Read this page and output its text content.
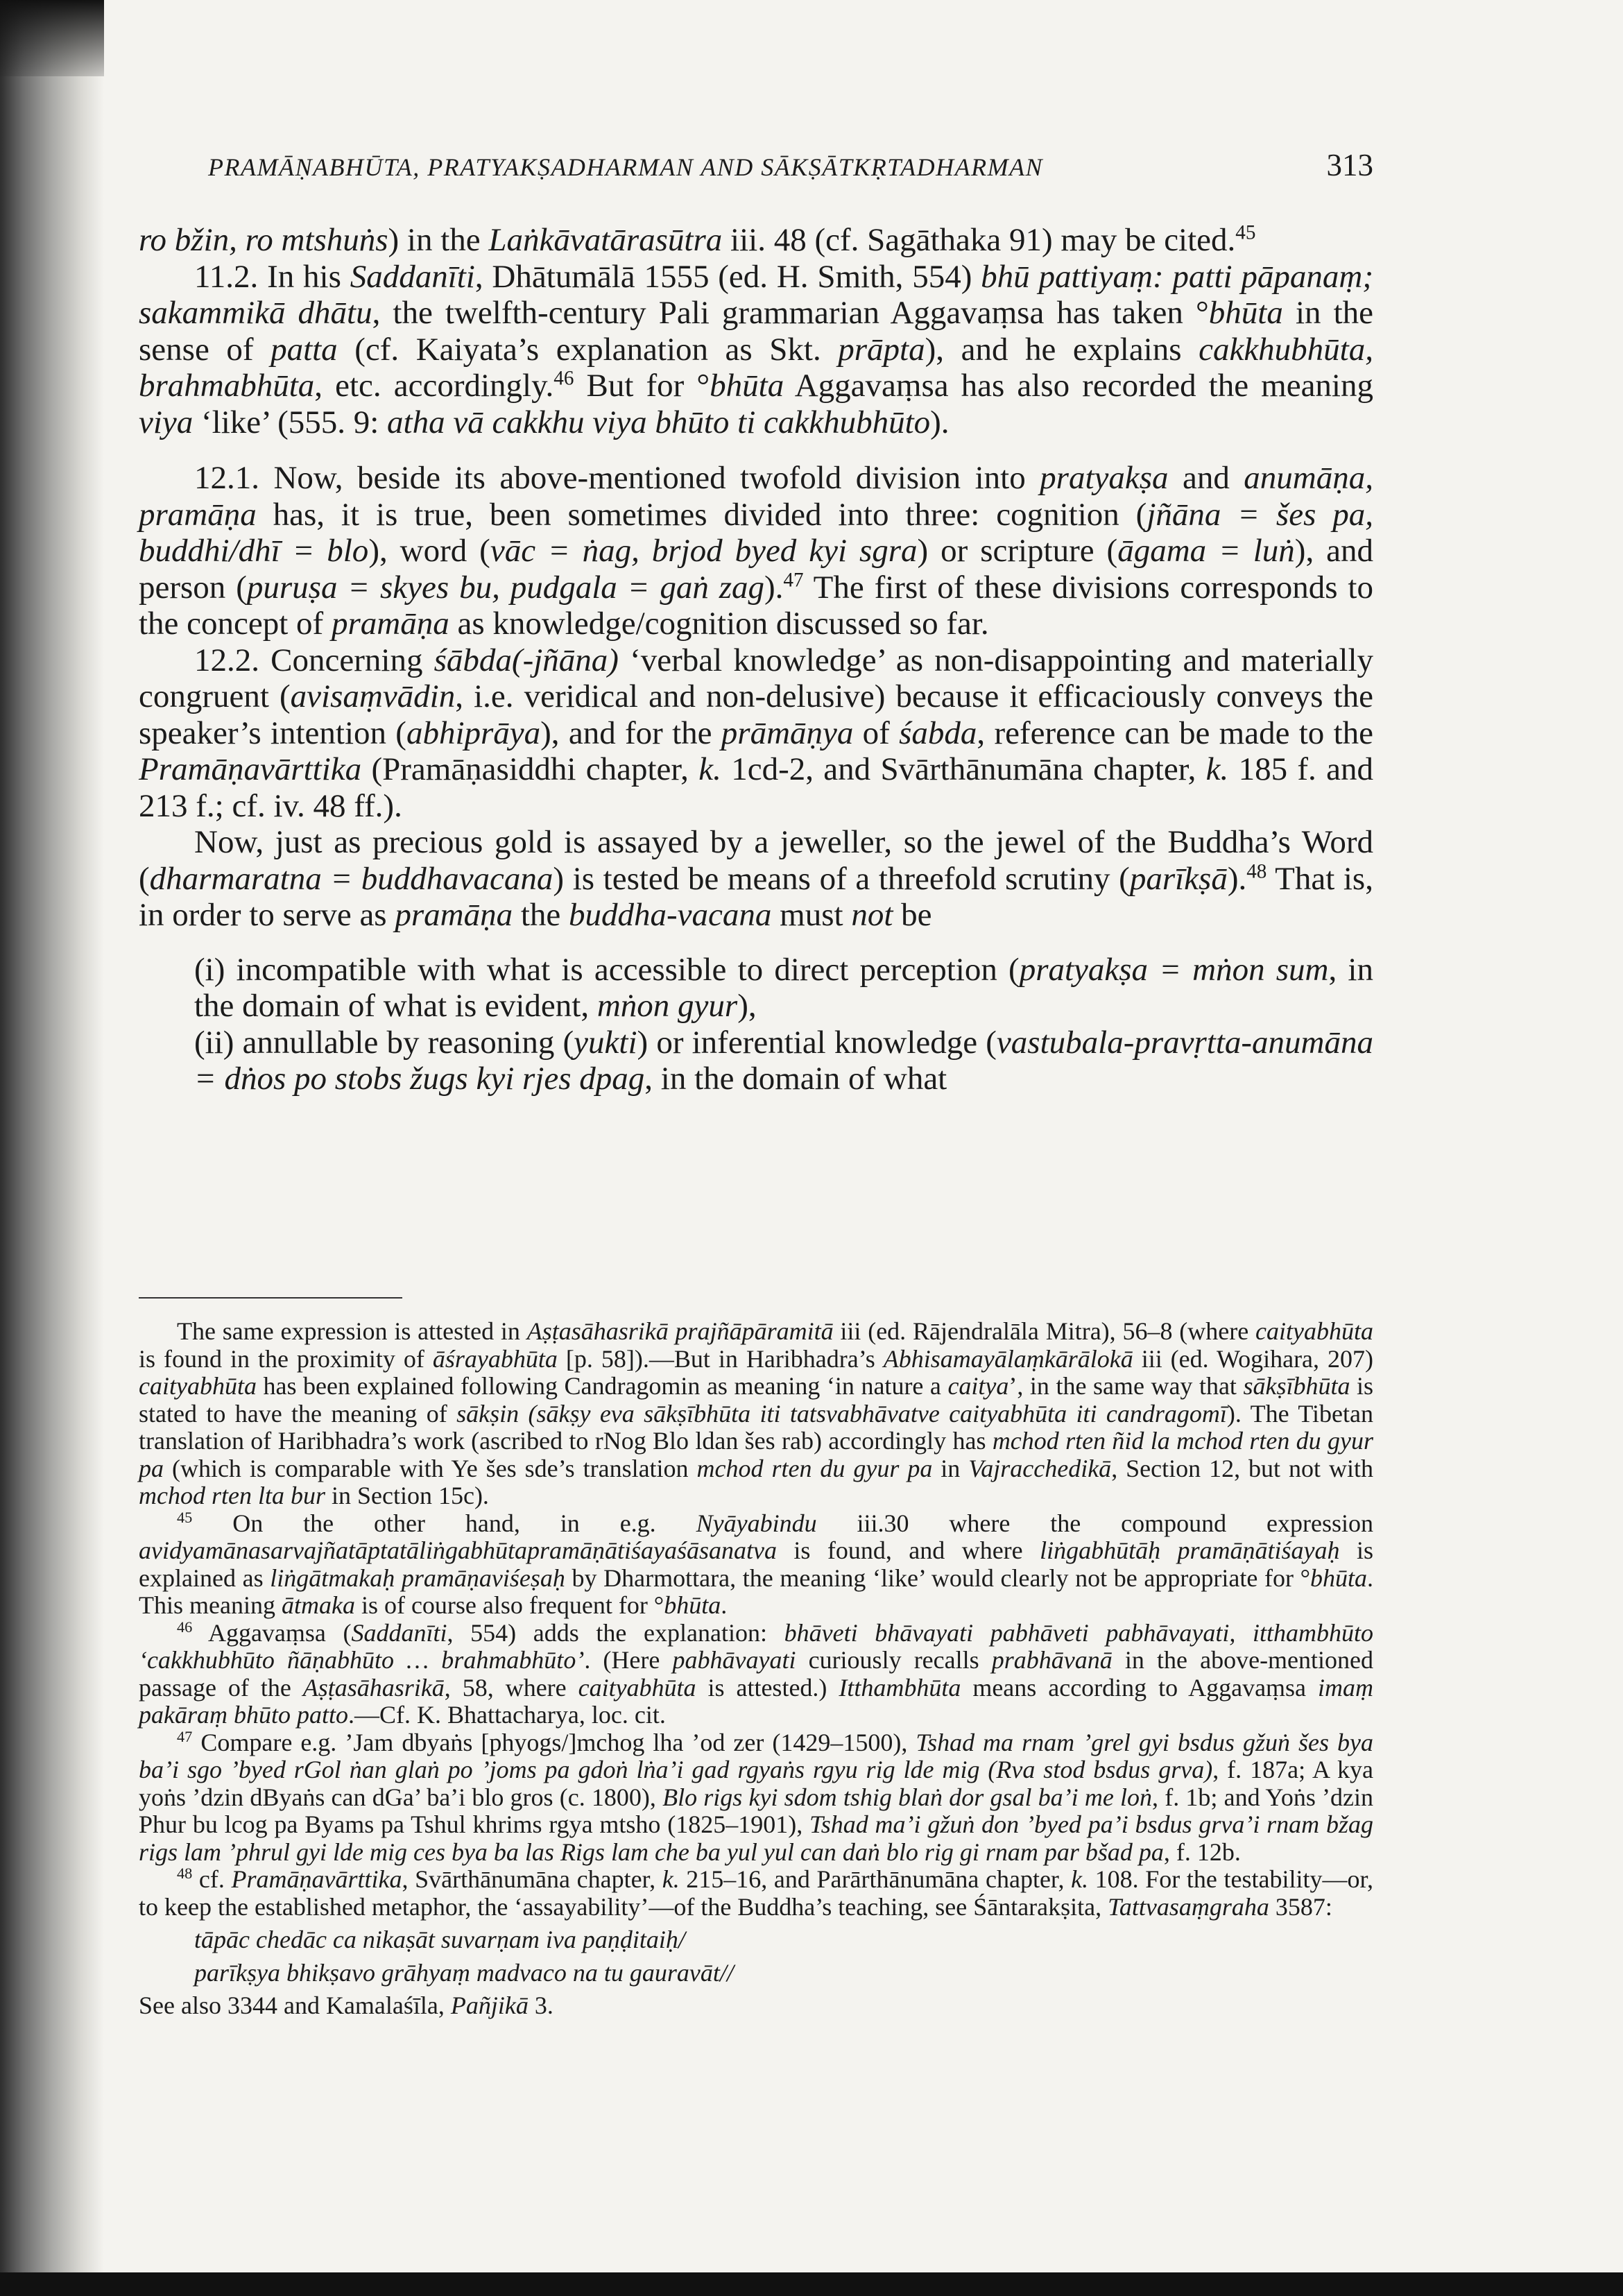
PRAMĀṆABHŪTA, PRATYAKṢADHARMAN AND SĀKṢĀTKṚTADHARMAN	313

ro bžin, ro mtshuṅs) in the Laṅkāvatārasūtra iii. 48 (cf. Sagāthaka 91) may be cited.$^{45}$

11.2. In his Saddanīti, Dhātumālā 1555 (ed. H. Smith, 554) bhū pattiyaṃ: patti pāpanaṃ; sakammikā dhātu, the twelfth-century Pali grammarian Aggavaṃsa has taken °bhūta in the sense of patta (cf. Kaiyata’s explanation as Skt. prāpta), and he explains cakkhubhūta, brahmabhūta, etc. accordingly.$^{46}$ But for °bhūta Aggavaṃsa has also recorded the meaning viya ‘like’ (555. 9: atha vā cakkhu viya bhūto ti cakkhubhūto).

12.1. Now, beside its above-mentioned twofold division into pratyakṣa and anumāṇa, pramāṇa has, it is true, been sometimes divided into three: cognition (jñāna = šes pa, buddhi/dhī = blo), word (vāc = ṅag, brjod byed kyi sgra) or scripture (āgama = luṅ), and person (puruṣa = skyes bu, pudgala = gaṅ zag).$^{47}$ The first of these divisions corresponds to the concept of pramāṇa as knowledge/cognition discussed so far.

12.2. Concerning śābda(-jñāna) ‘verbal knowledge’ as non-disappointing and materially congruent (avisaṃvādin, i.e. veridical and non-delusive) because it efficaciously conveys the speaker’s intention (abhiprāya), and for the prāmāṇya of śabda, reference can be made to the Pramāṇavārttika (Pramāṇasiddhi chapter, k. 1cd-2, and Svārthānumāna chapter, k. 185 f. and 213 f.; cf. iv. 48 ff.).

Now, just as precious gold is assayed by a jeweller, so the jewel of the Buddha’s Word (dharmaratna = buddhavacana) is tested be means of a threefold scrutiny (parīkṣā).$^{48}$ That is, in order to serve as pramāṇa the buddha-vacana must not be

(i) incompatible with what is accessible to direct perception (pratyakṣa = mṅon sum, in the domain of what is evident, mṅon gyur),

(ii) annullable by reasoning (yukti) or inferential knowledge (vastubala-pravṛtta-anumāna = dṅos po stobs žugs kyi rjes dpag, in the domain of what

The same expression is attested in Aṣṭasāhasrikā prajñāpāramitā iii (ed. Rājendralāla Mitra), 56–8 (where caityabhūta is found in the proximity of āśrayabhūta [p. 58]).—But in Haribhadra’s Abhisamayālaṃkārālokā iii (ed. Wogihara, 207) caityabhūta has been explained following Candragomin as meaning ‘in nature a caitya’, in the same way that sākṣībhūta is stated to have the meaning of sākṣin (sākṣy eva sākṣībhūta iti tatsvabhāvatve caityabhūta iti candragomī). The Tibetan translation of Haribhadra’s work (ascribed to rNog Blo ldan šes rab) accordingly has mchod rten ñid la mchod rten du gyur pa (which is comparable with Ye šes sde’s translation mchod rten du gyur pa in Vajracchedikā, Section 12, but not with mchod rten lta bur in Section 15c).

$^{45}$ On the other hand, in e.g. Nyāyabindu iii.30 where the compound expression avidyamānasarvajñatāptatāliṅgabhūtapramāṇātiśayaśāsanatva is found, and where liṅgabhūtāḥ pramāṇātiśayaḥ is explained as liṅgātmakaḥ pramāṇaviśeṣaḥ by Dharmottara, the meaning ‘like’ would clearly not be appropriate for °bhūta. This meaning ātmaka is of course also frequent for °bhūta.

$^{46}$ Aggavaṃsa (Saddanīti, 554) adds the explanation: bhāveti bhāvayati pabhāveti pabhāvayati, itthambhūto ‘cakkhubhūto ñāṇabhūto … brahmabhūto’. (Here pabhāvayati curiously recalls prabhāvanā in the above-mentioned passage of the Aṣṭasāhasrikā, 58, where caityabhūta is attested.) Itthambhūta means according to Aggavaṃsa imaṃ pakāraṃ bhūto patto.—Cf. K. Bhattacharya, loc. cit.

$^{47}$ Compare e.g. ’Jam dbyaṅs [phyogs/]mchog lha ’od zer (1429–1500), Tshad ma rnam ’grel gyi bsdus gžuṅ šes bya ba’i sgo ’byed rGol ṅan glaṅ po ’joms pa gdoṅ lṅa’i gad rgyaṅs rgyu rig lde mig (Rva stod bsdus grva), f. 187a; A kya yoṅs ’dzin dByaṅs can dGa’ ba’i blo gros (c. 1800), Blo rigs kyi sdom tshig blaṅ dor gsal ba’i me loṅ, f. 1b; and Yoṅs ’dzin Phur bu lcog pa Byams pa Tshul khrims rgya mtsho (1825–1901), Tshad ma’i gžuṅ don ’byed pa’i bsdus grva’i rnam bžag rigs lam ’phrul gyi lde mig ces bya ba las Rigs lam che ba yul yul can daṅ blo rig gi rnam par bšad pa, f. 12b.

$^{48}$ cf. Pramāṇavārttika, Svārthānumāna chapter, k. 215–16, and Parārthānumāna chapter, k. 108. For the testability—or, to keep the established metaphor, the ‘assayability’—of the Buddha’s teaching, see Śāntarakṣita, Tattvasaṃgraha 3587:

tāpāc chedāc ca nikaṣāt suvarṇam iva paṇḍitaiḥ/

parīkṣya bhikṣavo grāhyaṃ madvaco na tu gauravāt//

See also 3344 and Kamalaśīla, Pañjikā 3.
